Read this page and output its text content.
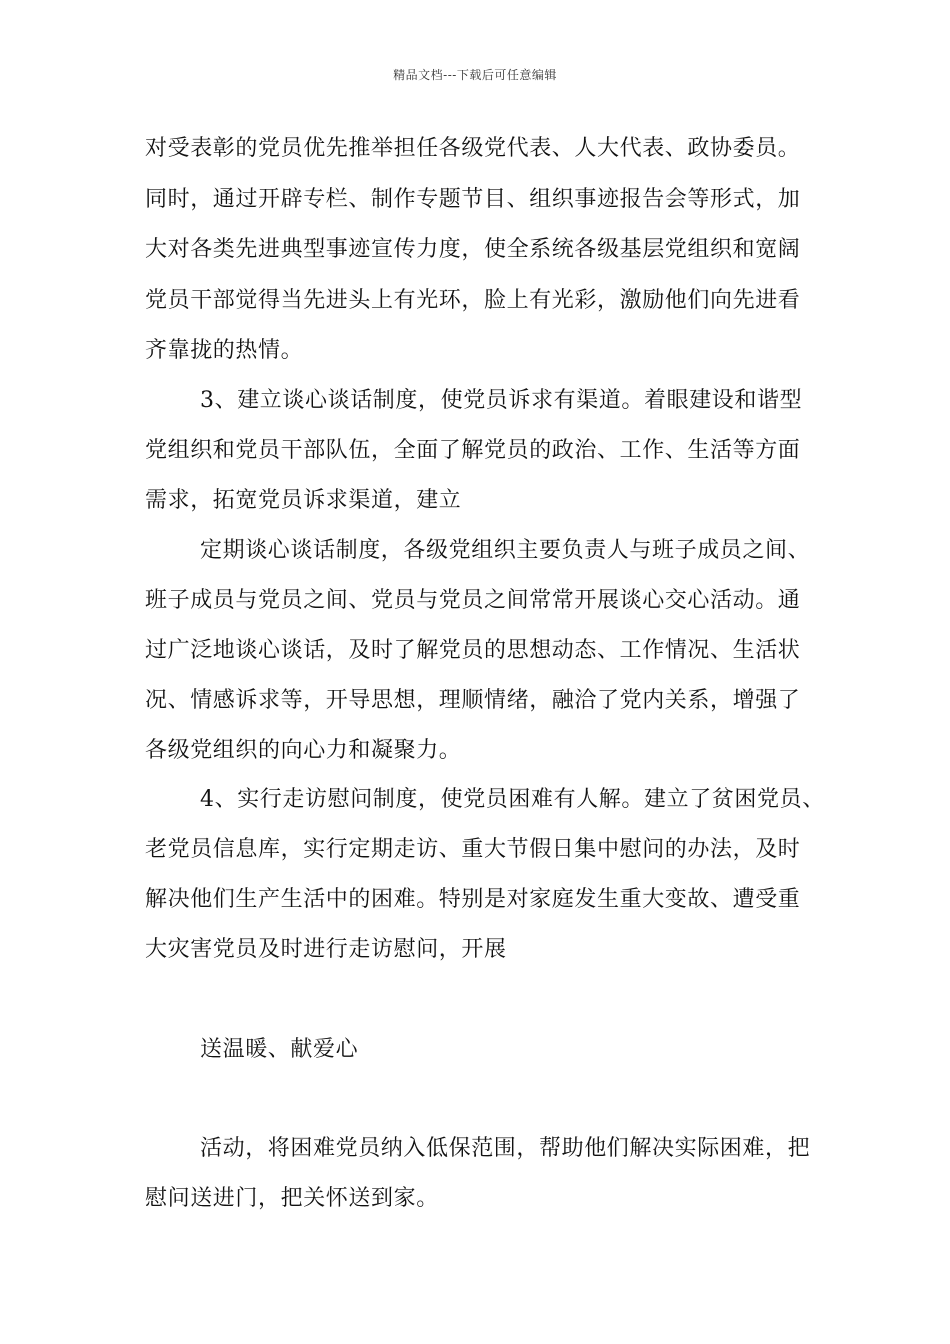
精品文档---下载后可任意编辑
对受表彰的党员优先推举担任各级党代表、人大代表、政协委员。
同时，通过开辟专栏、制作专题节目、组织事迹报告会等形式，加
大对各类先进典型事迹宣传力度，使全系统各级基层党组织和宽阔
党员干部觉得当先进头上有光环，脸上有光彩，激励他们向先进看
齐靠拢的热情。
3、建立谈心谈话制度，使党员诉求有渠道。着眼建设和谐型
党组织和党员干部队伍，全面了解党员的政治、工作、生活等方面
需求，拓宽党员诉求渠道，建立
定期谈心谈话制度，各级党组织主要负责人与班子成员之间、
班子成员与党员之间、党员与党员之间常常开展谈心交心活动。通
过广泛地谈心谈话，及时了解党员的思想动态、工作情况、生活状
况、情感诉求等，开导思想，理顺情绪，融洽了党内关系，增强了
各级党组织的向心力和凝聚力。
4、实行走访慰问制度，使党员困难有人解。建立了贫困党员、
老党员信息库，实行定期走访、重大节假日集中慰问的办法，及时
解决他们生产生活中的困难。特别是对家庭发生重大变故、遭受重
大灾害党员及时进行走访慰问，开展
送温暖、献爱心
活动，将困难党员纳入低保范围，帮助他们解决实际困难，把
慰问送进门，把关怀送到家。
